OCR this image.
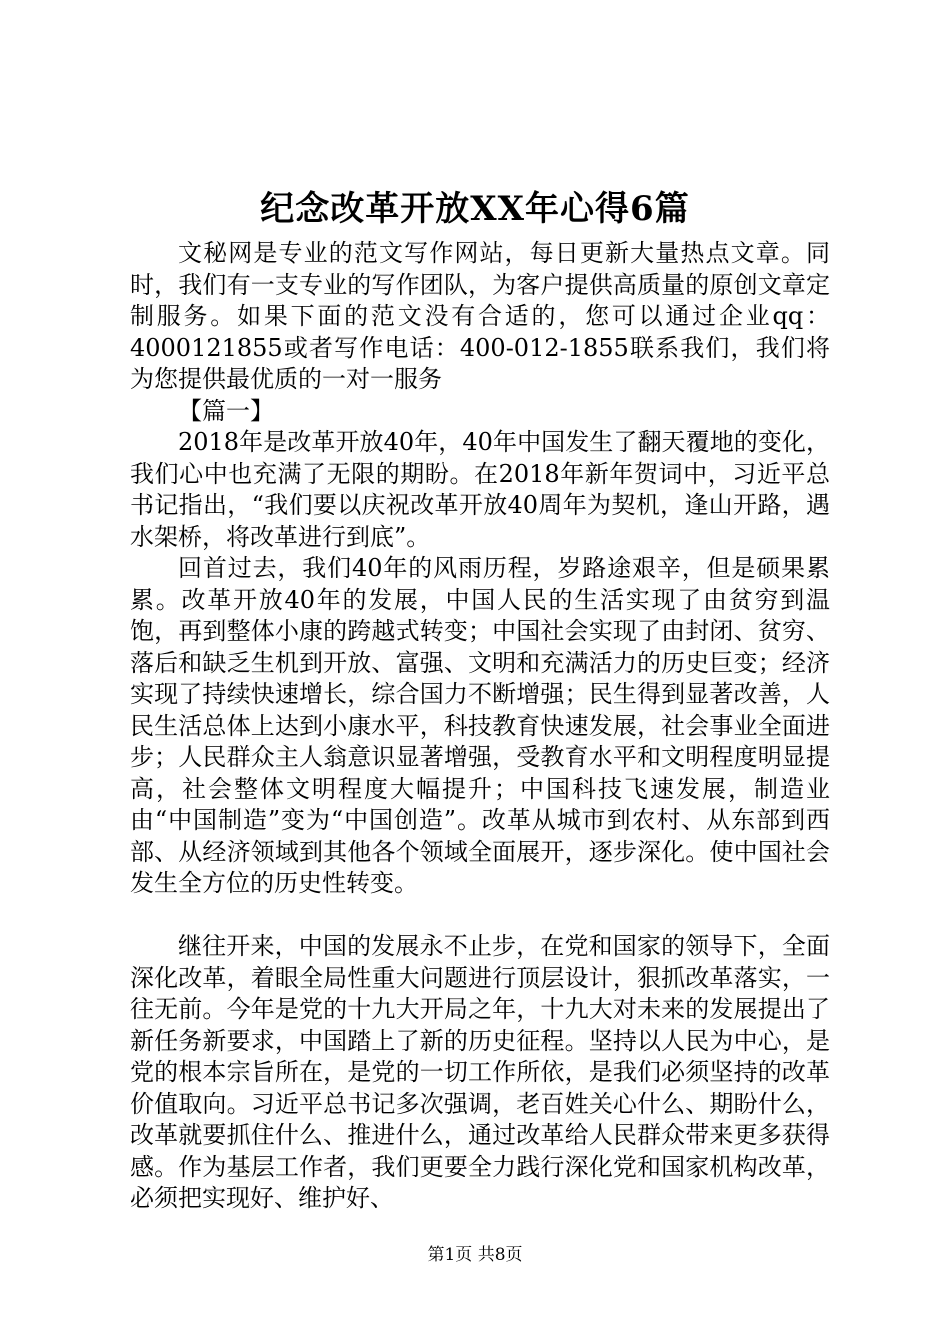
纪念改革开放XX年心得6篇

文秘网是专业的范文写作网站，每日更新大量热点文章。同时，我们有一支专业的写作团队，为客户提供高质量的原创文章定制服务。如果下面的范文没有合适的，您可以通过企业qq：4000121855或者写作电话：400-012-1855联系我们，我们将为您提供最优质的一对一服务

【篇一】

2018年是改革开放40年，40年中国发生了翻天覆地的变化，我们心中也充满了无限的期盼。在2018年新年贺词中，习近平总书记指出，“我们要以庆祝改革开放40周年为契机，逢山开路，遇水架桥，将改革进行到底”。

回首过去，我们40年的风雨历程，岁路途艰辛，但是硕果累累。改革开放40年的发展，中国人民的生活实现了由贫穷到温饱，再到整体小康的跨越式转变；中国社会实现了由封闭、贫穷、落后和缺乏生机到开放、富强、文明和充满活力的历史巨变；经济实现了持续快速增长，综合国力不断增强；民生得到显著改善，人民生活总体上达到小康水平，科技教育快速发展，社会事业全面进步；人民群众主人翁意识显著增强，受教育水平和文明程度明显提高，社会整体文明程度大幅提升；中国科技飞速发展，制造业由“中国制造”变为“中国创造”。改革从城市到农村、从东部到西部、从经济领域到其他各个领域全面展开，逐步深化。使中国社会发生全方位的历史性转变。

继往开来，中国的发展永不止步，在党和国家的领导下，全面深化改革，着眼全局性重大问题进行顶层设计，狠抓改革落实，一往无前。今年是党的十九大开局之年，十九大对未来的发展提出了新任务新要求，中国踏上了新的历史征程。坚持以人民为中心，是党的根本宗旨所在，是党的一切工作所依，是我们必须坚持的改革价值取向。习近平总书记多次强调，老百姓关心什么、期盼什么，改革就要抓住什么、推进什么，通过改革给人民群众带来更多获得感。作为基层工作者，我们更要全力践行深化党和国家机构改革，必须把实现好、维护好、

第1页 共8页
